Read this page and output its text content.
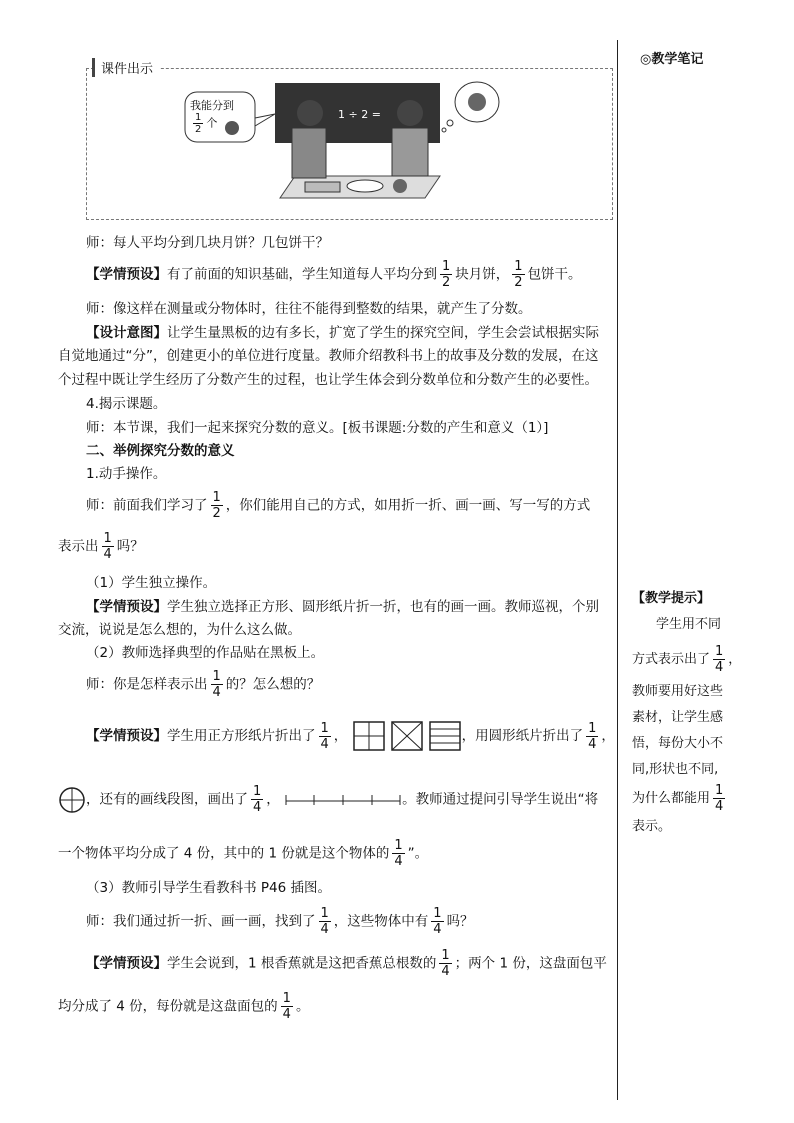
◎教学笔记
课件出示
我能分到
$\frac{1}{2}$ 个
1 ÷ 2 =
师：每人平均分到几块月饼？几包饼干？
【学情预设】有了前面的知识基础，学生知道每人平均分到 $\frac{1}{2}$ 块月饼， $\frac{1}{2}$ 包饼干。
师：像这样在测量或分物体时，往往不能得到整数的结果，就产生了分数。
【设计意图】让学生量黑板的边有多长，扩宽了学生的探究空间，学生会尝试根据实际
自觉地通过“分”，创建更小的单位进行度量。教师介绍教科书上的故事及分数的发展，在这
个过程中既让学生经历了分数产生的过程，也让学生体会到分数单位和分数产生的必要性。
4.揭示课题。
师：本节课，我们一起来探究分数的意义。[板书课题:分数的产生和意义（1）]
二、举例探究分数的意义
1.动手操作。
师：前面我们学习了 $\frac{1}{2}$ ，你们能用自己的方式，如用折一折、画一画、写一写的方式
表示出 $\frac{1}{4}$ 吗？
（1）学生独立操作。
【学情预设】学生独立选择正方形、圆形纸片折一折，也有的画一画。教师巡视，个别
交流，说说是怎么想的，为什么这么做。
（2）教师选择典型的作品贴在黑板上。
师：你是怎样表示出 $\frac{1}{4}$ 的？怎么想的？
【学情预设】学生用正方形纸片折出了 $\frac{1}{4}$ ，	，用圆形纸片折出了 $\frac{1}{4}$ ，
，还有的画线段图，画出了 $\frac{1}{4}$ ，	。教师通过提问引导学生说出“将
一个物体平均分成了 4 份，其中的 1 份就是这个物体的 $\frac{1}{4}$ ”。
（3）教师引导学生看教科书 P46 插图。
师：我们通过折一折、画一画，找到了 $\frac{1}{4}$ ，这些物体中有 $\frac{1}{4}$ 吗？
【学情预设】学生会说到，1 根香蕉就是这把香蕉总根数的 $\frac{1}{4}$ ；两个 1 份，这盘面包平
均分成了 4 份，每份就是这盘面包的 $\frac{1}{4}$ 。
【教学提示】
学生用不同
方式表示出了 $\frac{1}{4}$ ，
教师要用好这些
素材，让学生感
悟，每份大小不
同,形状也不同,
为什么都能用 $\frac{1}{4}$
表示。
